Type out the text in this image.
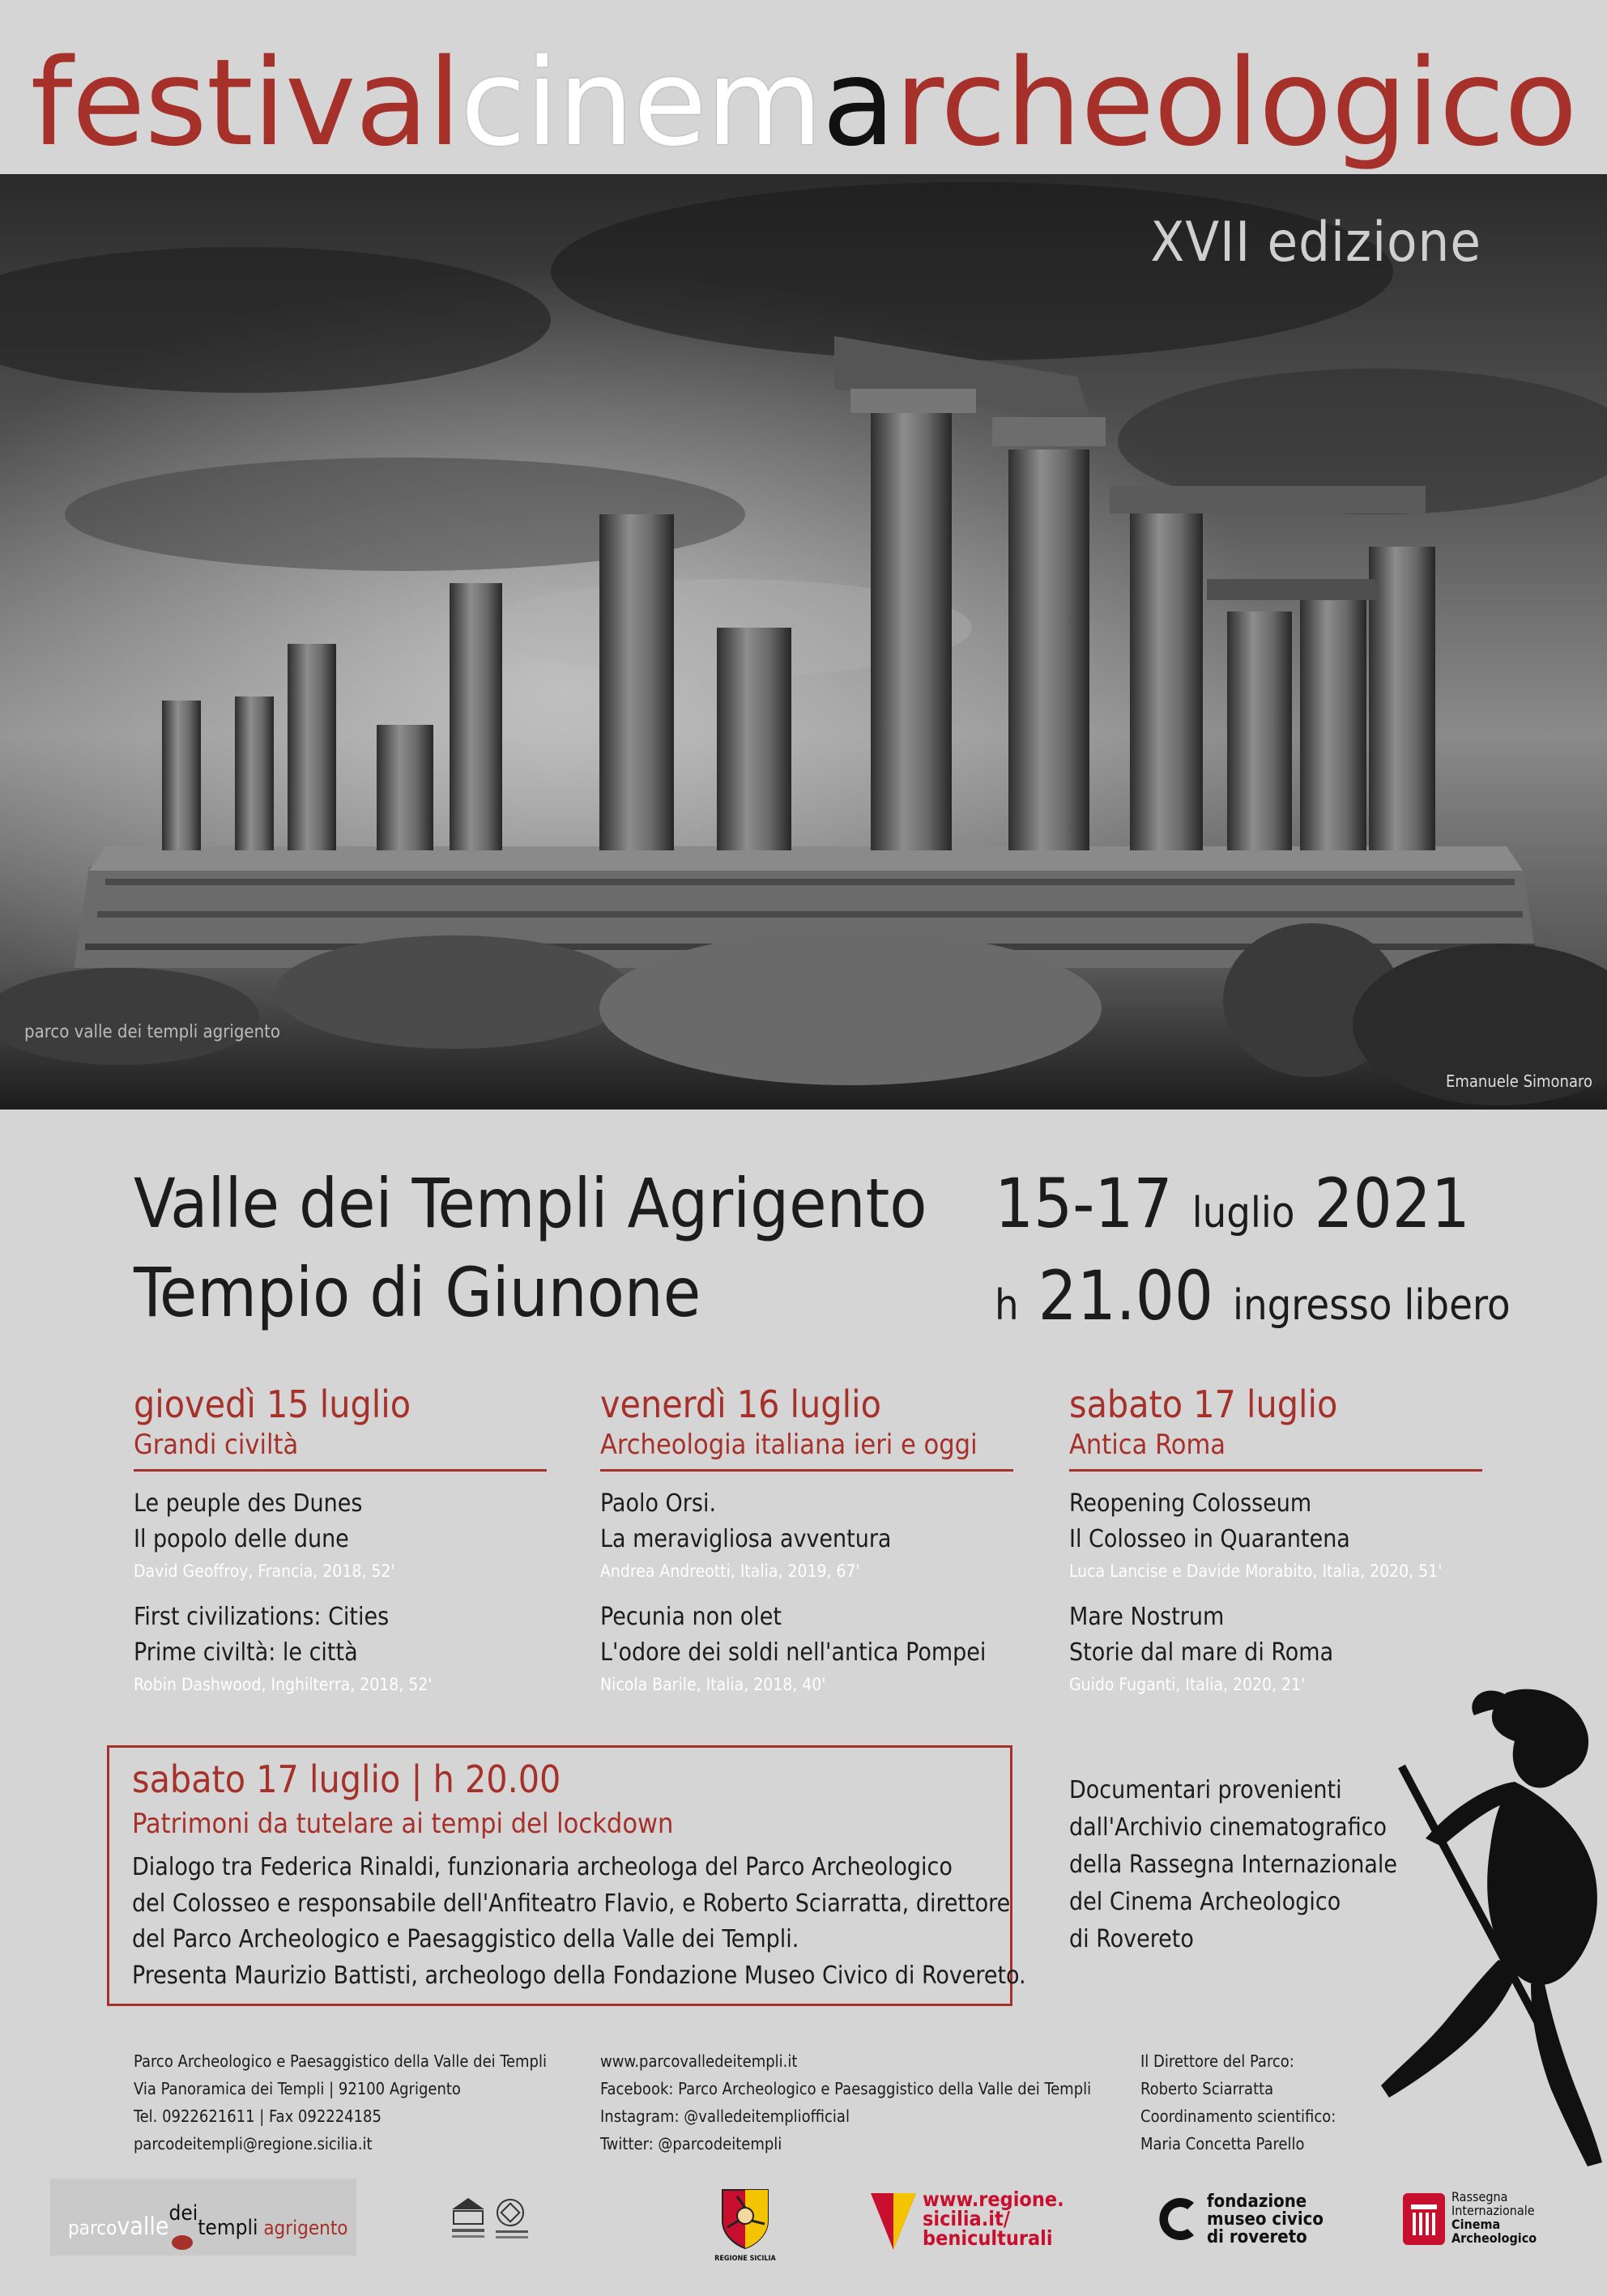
festivalcinemarcheologico
XVII edizione
parco valle dei templi agrigento
Emanuele Simonaro
Valle dei Templi Agrigento
Tempio di Giunone
15-17 luglio 2021
h 21.00 ingresso libero
giovedì 15 luglio
Grandi civiltà
Le peuple des Dunes
Il popolo delle dune
David Geoffroy, Francia, 2018, 52'
First civilizations: Cities
Prime civiltà: le città
Robin Dashwood, Inghilterra, 2018, 52'
venerdì 16 luglio
Archeologia italiana ieri e oggi
Paolo Orsi.
La meravigliosa avventura
Andrea Andreotti, Italia, 2019, 67'
Pecunia non olet
L'odore dei soldi nell'antica Pompei
Nicola Barile, Italia, 2018, 40'
sabato 17 luglio
Antica Roma
Reopening Colosseum
Il Colosseo in Quarantena
Luca Lancise e Davide Morabito, Italia, 2020, 51'
Mare Nostrum
Storie dal mare di Roma
Guido Fuganti, Italia, 2020, 21'
sabato 17 luglio | h 20.00
Patrimoni da tutelare ai tempi del lockdown
Dialogo tra Federica Rinaldi, funzionaria archeologa del Parco Archeologico
del Colosseo e responsabile dell'Anfiteatro Flavio, e Roberto Sciarratta, direttore
del Parco Archeologico e Paesaggistico della Valle dei Templi.
Presenta Maurizio Battisti, archeologo della Fondazione Museo Civico di Rovereto.
Documentari provenienti
dall'Archivio cinematografico
della Rassegna Internazionale
del Cinema Archeologico
di Rovereto
Parco Archeologico e Paesaggistico della Valle dei Templi
Via Panoramica dei Templi | 92100 Agrigento
Tel. 0922621611 | Fax 092224185
parcodeitempli@regione.sicilia.it
www.parcovalledeitempli.it
Facebook: Parco Archeologico e Paesaggistico della Valle dei Templi
Instagram: @valledeitempliofficial
Twitter: @parcodeitempli
Il Direttore del Parco:
Roberto Sciarratta
Coordinamento scientifico:
Maria Concetta Parello
parcovalledeitempli agrigento
REGIONE SICILIA
www.regione.
sicilia.it/
beniculturali
fondazione
museo civico
di rovereto
Rassegna
Internazionale
Cinema
Archeologico
